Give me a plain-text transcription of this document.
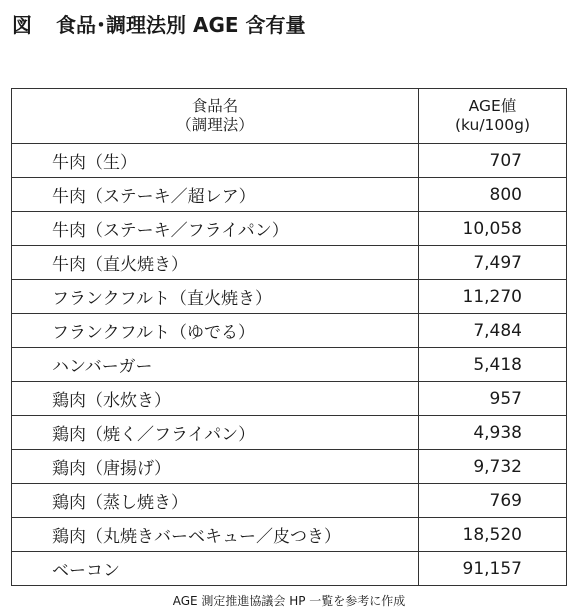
図 食品･調理法別 AGE 含有量
食品名
（調理法）	AGE値
(ku/100g)

牛肉（生）	707
牛肉（ステーキ／超レア）	800
牛肉（ステーキ／フライパン）	10,058
牛肉（直火焼き）	7,497
フランクフルト（直火焼き）	11,270
フランクフルト（ゆでる）	7,484
ハンバーガー	5,418
鶏肉（水炊き）	957
鶏肉（焼く／フライパン）	4,938
鶏肉（唐揚げ）	9,732
鶏肉（蒸し焼き）	769
鶏肉（丸焼きバーベキュー／皮つき）	18,520
ベーコン	91,157
AGE 測定推進協議会 HP 一覧を参考に作成
